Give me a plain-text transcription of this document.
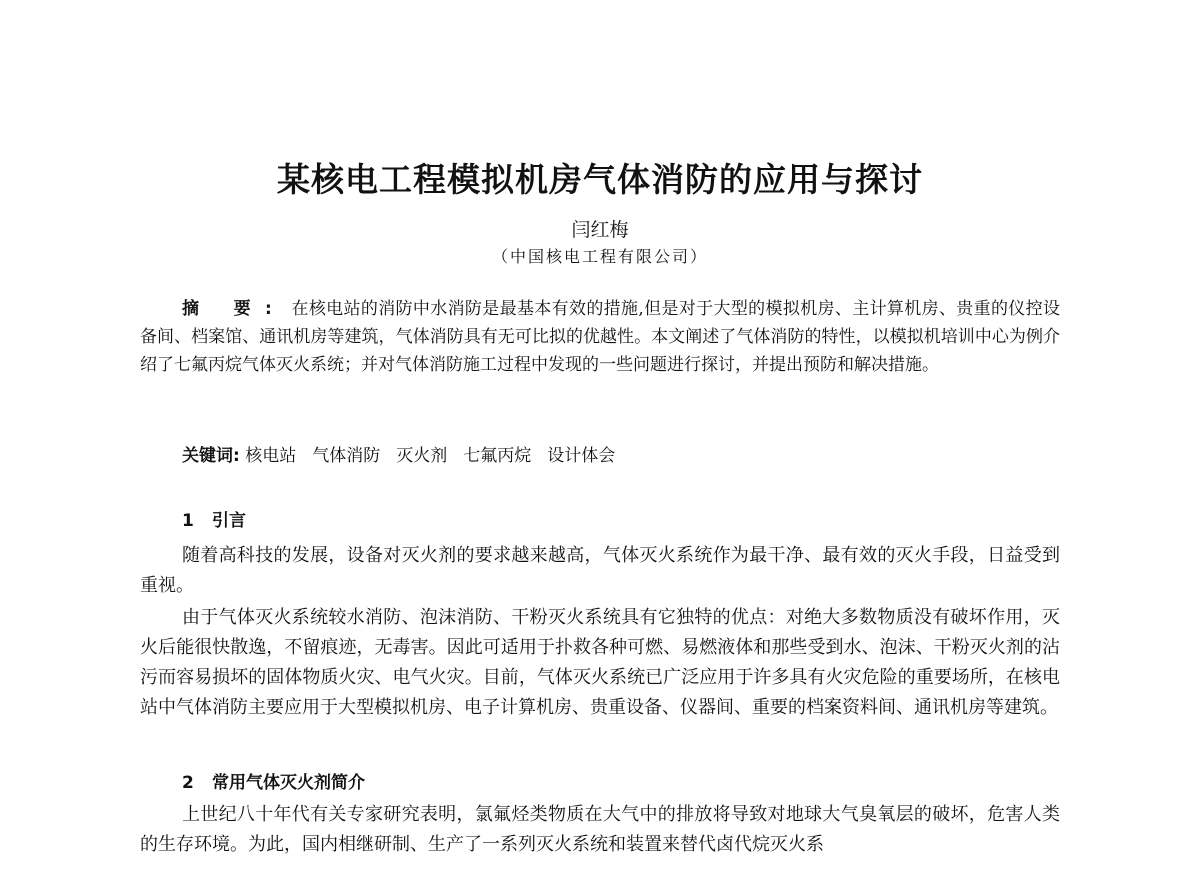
某核电工程模拟机房气体消防的应用与探讨
闫红梅
（中国核电工程有限公司）

摘 要: 在核电站的消防中水消防是最基本有效的措施,但是对于大型的模拟机房、主计算机房、贵重的仪控设备间、档案馆、通讯机房等建筑，气体消防具有无可比拟的优越性。本文阐述了气体消防的特性，以模拟机培训中心为例介绍了七氟丙烷气体灭火系统；并对气体消防施工过程中发现的一些问题进行探讨，并提出预防和解决措施。

关键词: 核电站 气体消防 灭火剂 七氟丙烷 设计体会

1 引言

随着高科技的发展，设备对灭火剂的要求越来越高，气体灭火系统作为最干净、最有效的灭火手段，日益受到重视。

由于气体灭火系统较水消防、泡沫消防、干粉灭火系统具有它独特的优点：对绝大多数物质没有破坏作用，灭火后能很快散逸，不留痕迹，无毒害。因此可适用于扑救各种可燃、易燃液体和那些受到水、泡沫、干粉灭火剂的沾污而容易损坏的固体物质火灾、电气火灾。目前，气体灭火系统已广泛应用于许多具有火灾危险的重要场所，在核电站中气体消防主要应用于大型模拟机房、电子计算机房、贵重设备、仪器间、重要的档案资料间、通讯机房等建筑。

2 常用气体灭火剂简介

上世纪八十年代有关专家研究表明，氯氟烃类物质在大气中的排放将导致对地球大气臭氧层的破坏，危害人类的生存环境。为此，国内相继研制、生产了一系列灭火系统和装置来替代卤代烷灭火系
